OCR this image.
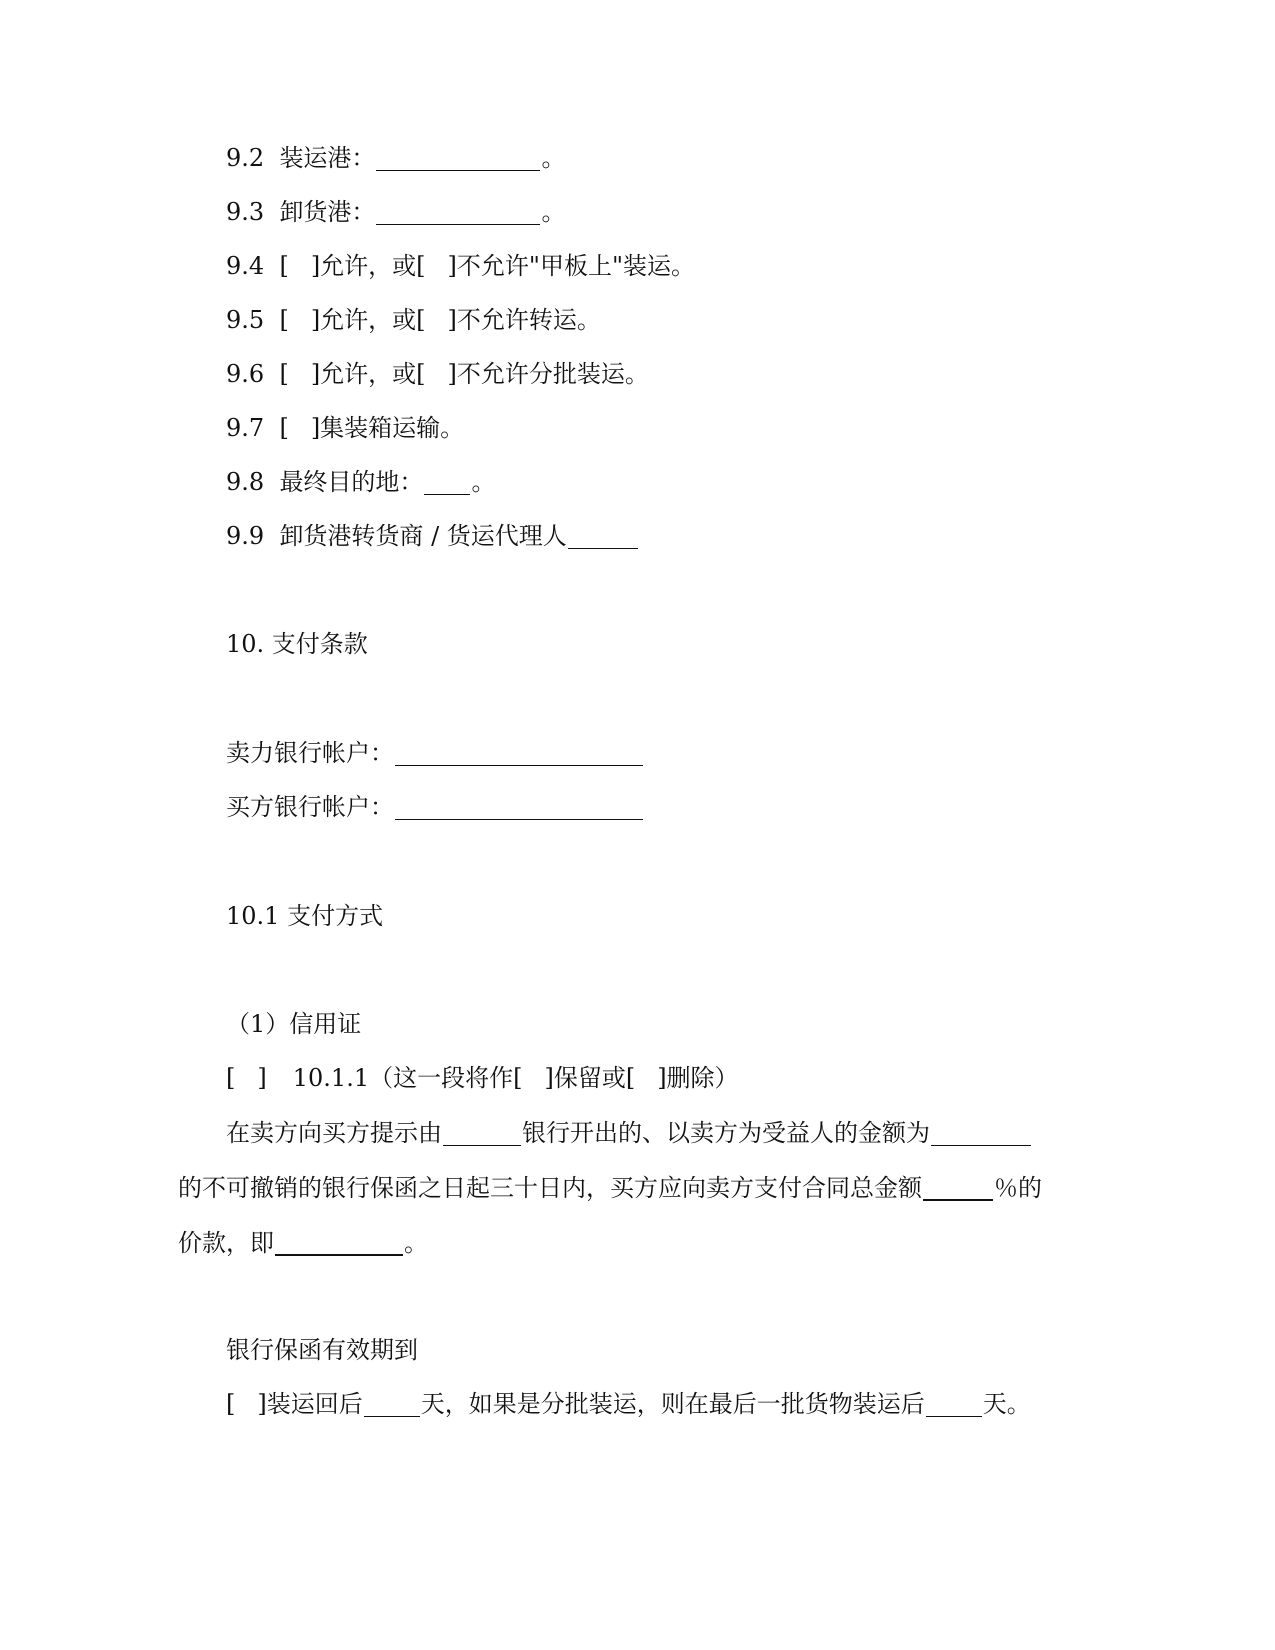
9.2 装运港：	。

9.3 卸货港：	。

9.4 [ ]允许，或[ ]不允许"甲板上"装运。

9.5 [ ]允许，或[ ]不允许转运。

9.6 [ ]允许，或[ ]不允许分批装运。

9.7 [ ]集装箱运输。

9.8 最终目的地： 。

9.9 卸货港转货商 / 货运代理人

10. 支付条款

卖力银行帐户：

买方银行帐户：

10.1 支付方式

（1）信用证

[ ] 10.1.1（这一段将作[ ]保留或[ ]删除）

在卖方向买方提示由	银行开出的、以卖方为受益人的金额为

的不可撤销的银行保函之日起三十日内，买方应向卖方支付合同总金额	％的

价款，即	。

银行保函有效期到

[ ]装运回后 天，如果是分批装运，则在最后一批货物装运后 天。
